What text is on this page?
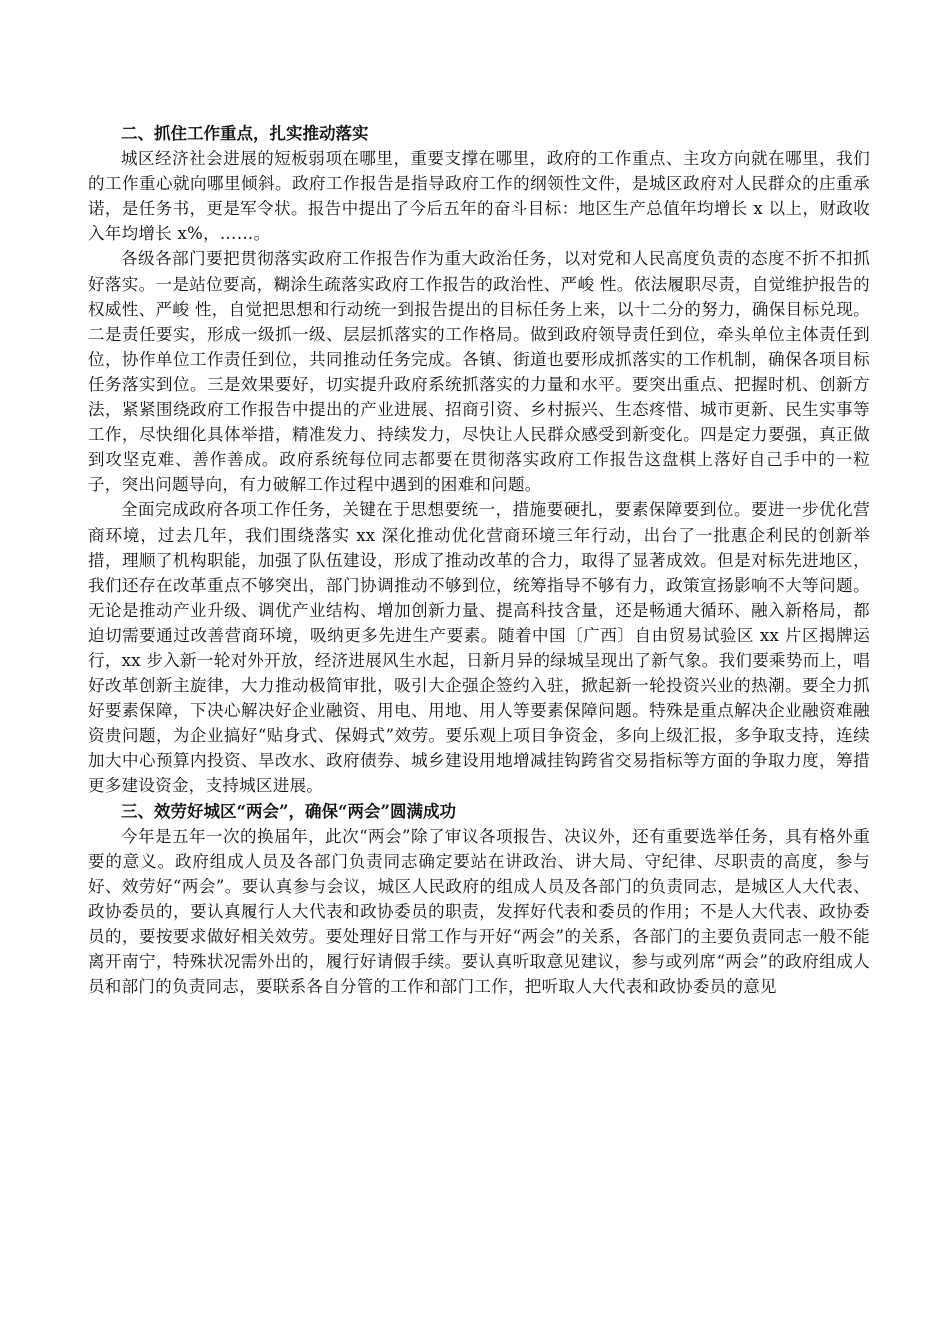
二、抓住工作重点，扎实推动落实

城区经济社会进展的短板弱项在哪里，重要支撑在哪里，政府的工作重点、主攻方向就在哪里，我们的工作重心就向哪里倾斜。政府工作报告是指导政府工作的纲领性文件，是城区政府对人民群众的庄重承诺，是任务书，更是军令状。报告中提出了今后五年的奋斗目标：地区生产总值年均增长 x 以上，财政收入年均增长 x%，……。

各级各部门要把贯彻落实政府工作报告作为重大政治任务，以对党和人民高度负责的态度不折不扣抓好落实。一是站位要高，糊涂生疏落实政府工作报告的政治性、严峻 性。依法履职尽责，自觉维护报告的权威性、严峻 性，自觉把思想和行动统一到报告提出的目标任务上来，以十二分的努力，确保目标兑现。二是责任要实，形成一级抓一级、层层抓落实的工作格局。做到政府领导责任到位，牵头单位主体责任到位，协作单位工作责任到位，共同推动任务完成。各镇、街道也要形成抓落实的工作机制，确保各项目标任务落实到位。三是效果要好，切实提升政府系统抓落实的力量和水平。要突出重点、把握时机、创新方法，紧紧围绕政府工作报告中提出的产业进展、招商引资、乡村振兴、生态疼惜、城市更新、民生实事等工作，尽快细化具体举措，精准发力、持续发力，尽快让人民群众感受到新变化。四是定力要强，真正做到攻坚克难、善作善成。政府系统每位同志都要在贯彻落实政府工作报告这盘棋上落好自己手中的一粒子，突出问题导向，有力破解工作过程中遇到的困难和问题。

全面完成政府各项工作任务，关键在于思想要统一，措施要硬扎，要素保障要到位。要进一步优化营商环境，过去几年，我们围绕落实 xx 深化推动优化营商环境三年行动，出台了一批惠企利民的创新举措，理顺了机构职能，加强了队伍建设，形成了推动改革的合力，取得了显著成效。但是对标先进地区，我们还存在改革重点不够突出，部门协调推动不够到位，统筹指导不够有力，政策宣扬影响不大等问题。无论是推动产业升级、调优产业结构、增加创新力量、提高科技含量，还是畅通大循环、融入新格局，都迫切需要通过改善营商环境，吸纳更多先进生产要素。随着中国〔广西〕自由贸易试验区 xx 片区揭牌运行，xx 步入新一轮对外开放，经济进展风生水起，日新月异的绿城呈现出了新气象。我们要乘势而上，唱好改革创新主旋律，大力推动极简审批，吸引大企强企签约入驻，掀起新一轮投资兴业的热潮。要全力抓好要素保障，下决心解决好企业融资、用电、用地、用人等要素保障问题。特殊是重点解决企业融资难融资贵问题，为企业搞好“贴身式、保姆式”效劳。要乐观上项目争资金，多向上级汇报，多争取支持，连续加大中心预算内投资、旱改水、政府债券、城乡建设用地增减挂钩跨省交易指标等方面的争取力度，筹措更多建设资金，支持城区进展。

三、效劳好城区“两会”，确保“两会”圆满成功

今年是五年一次的换届年，此次“两会”除了审议各项报告、决议外，还有重要选举任务，具有格外重要的意义。政府组成人员及各部门负责同志确定要站在讲政治、讲大局、守纪律、尽职责的高度，参与好、效劳好“两会”。要认真参与会议，城区人民政府的组成人员及各部门的负责同志，是城区人大代表、政协委员的，要认真履行人大代表和政协委员的职责，发挥好代表和委员的作用；不是人大代表、政协委员的，要按要求做好相关效劳。要处理好日常工作与开好“两会”的关系，各部门的主要负责同志一般不能离开南宁，特殊状况需外出的，履行好请假手续。要认真听取意见建议，参与或列席“两会”的政府组成人员和部门的负责同志，要联系各自分管的工作和部门工作，把听取人大代表和政协委员的意见
